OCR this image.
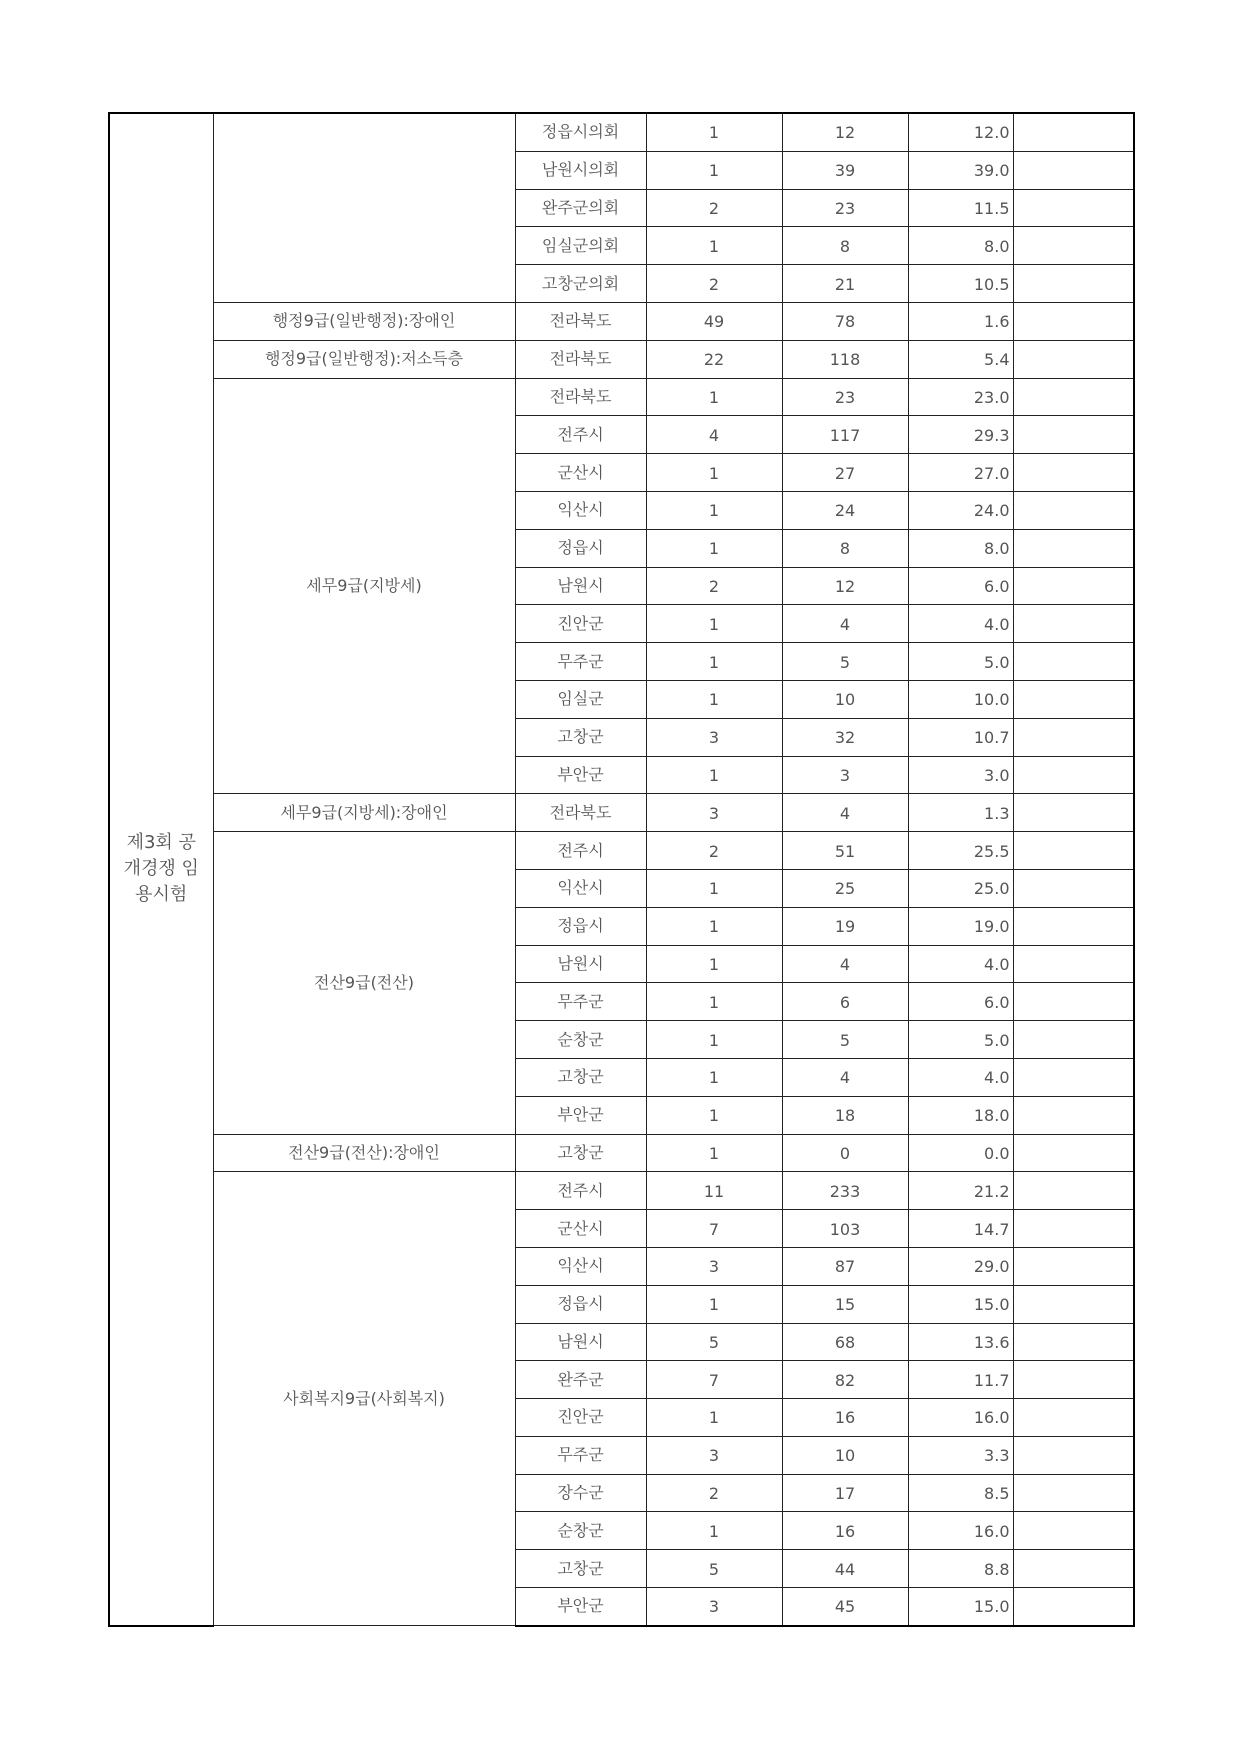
제3회 공개경쟁 임용시험		정읍시의회	1	12	12.0	
		남원시의회	1	39	39.0	
		완주군의회	2	23	11.5	
		임실군의회	1	8	8.0	
		고창군의회	2	21	10.5	
	행정9급(일반행정):장애인	전라북도	49	78	1.6	
	행정9급(일반행정):저소득층	전라북도	22	118	5.4	
	세무9급(지방세)	전라북도	1	23	23.0	
		전주시	4	117	29.3	
		군산시	1	27	27.0	
		익산시	1	24	24.0	
		정읍시	1	8	8.0	
		남원시	2	12	6.0	
		진안군	1	4	4.0	
		무주군	1	5	5.0	
		임실군	1	10	10.0	
		고창군	3	32	10.7	
		부안군	1	3	3.0	
	세무9급(지방세):장애인	전라북도	3	4	1.3	
	전산9급(전산)	전주시	2	51	25.5	
		익산시	1	25	25.0	
		정읍시	1	19	19.0	
		남원시	1	4	4.0	
		무주군	1	6	6.0	
		순창군	1	5	5.0	
		고창군	1	4	4.0	
		부안군	1	18	18.0	
	전산9급(전산):장애인	고창군	1	0	0.0	
	사회복지9급(사회복지)	전주시	11	233	21.2	
		군산시	7	103	14.7	
		익산시	3	87	29.0	
		정읍시	1	15	15.0	
		남원시	5	68	13.6	
		완주군	7	82	11.7	
		진안군	1	16	16.0	
		무주군	3	10	3.3	
		장수군	2	17	8.5	
		순창군	1	16	16.0	
		고창군	5	44	8.8	
		부안군	3	45	15.0	
